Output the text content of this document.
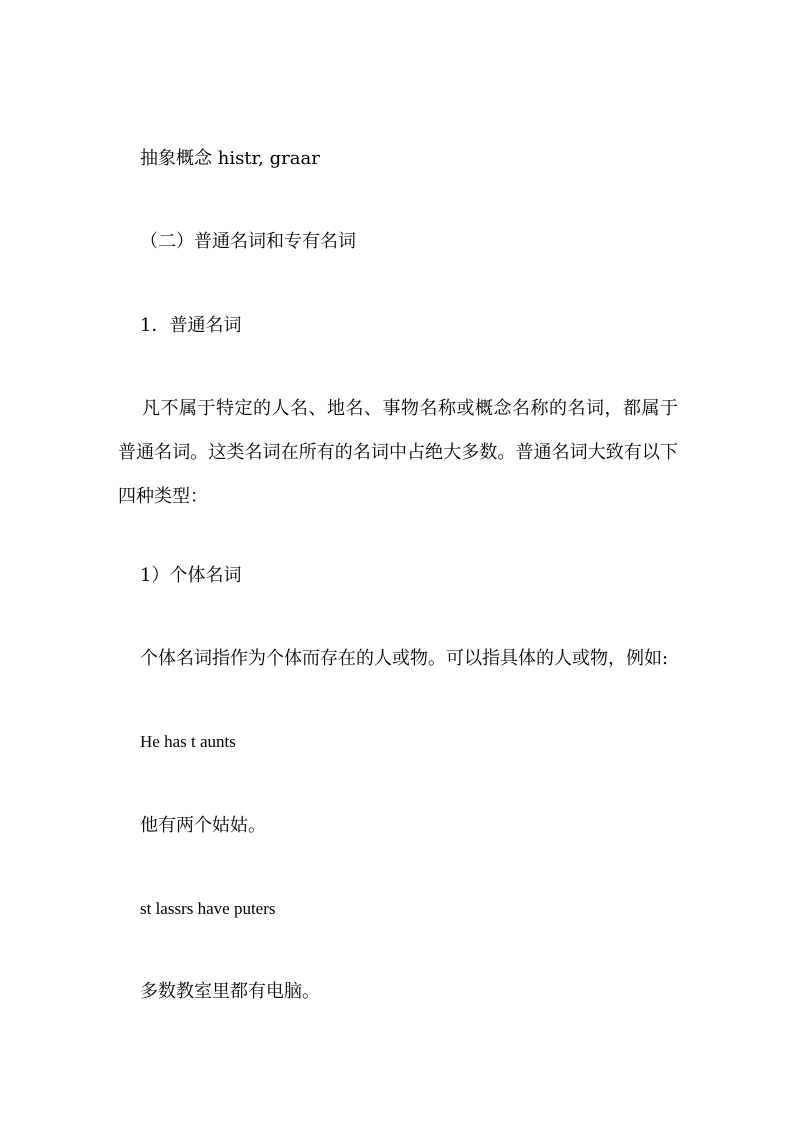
抽象概念 histr, graar

（二）普通名词和专有名词

1．普通名词

凡不属于特定的人名、地名、事物名称或概念名称的名词，都属于普通名词。这类名词在所有的名词中占绝大多数。普通名词大致有以下四种类型：

1）个体名词

个体名词指作为个体而存在的人或物。可以指具体的人或物，例如:

He has t aunts

他有两个姑姑。

st lassrs have puters

多数教室里都有电脑。
